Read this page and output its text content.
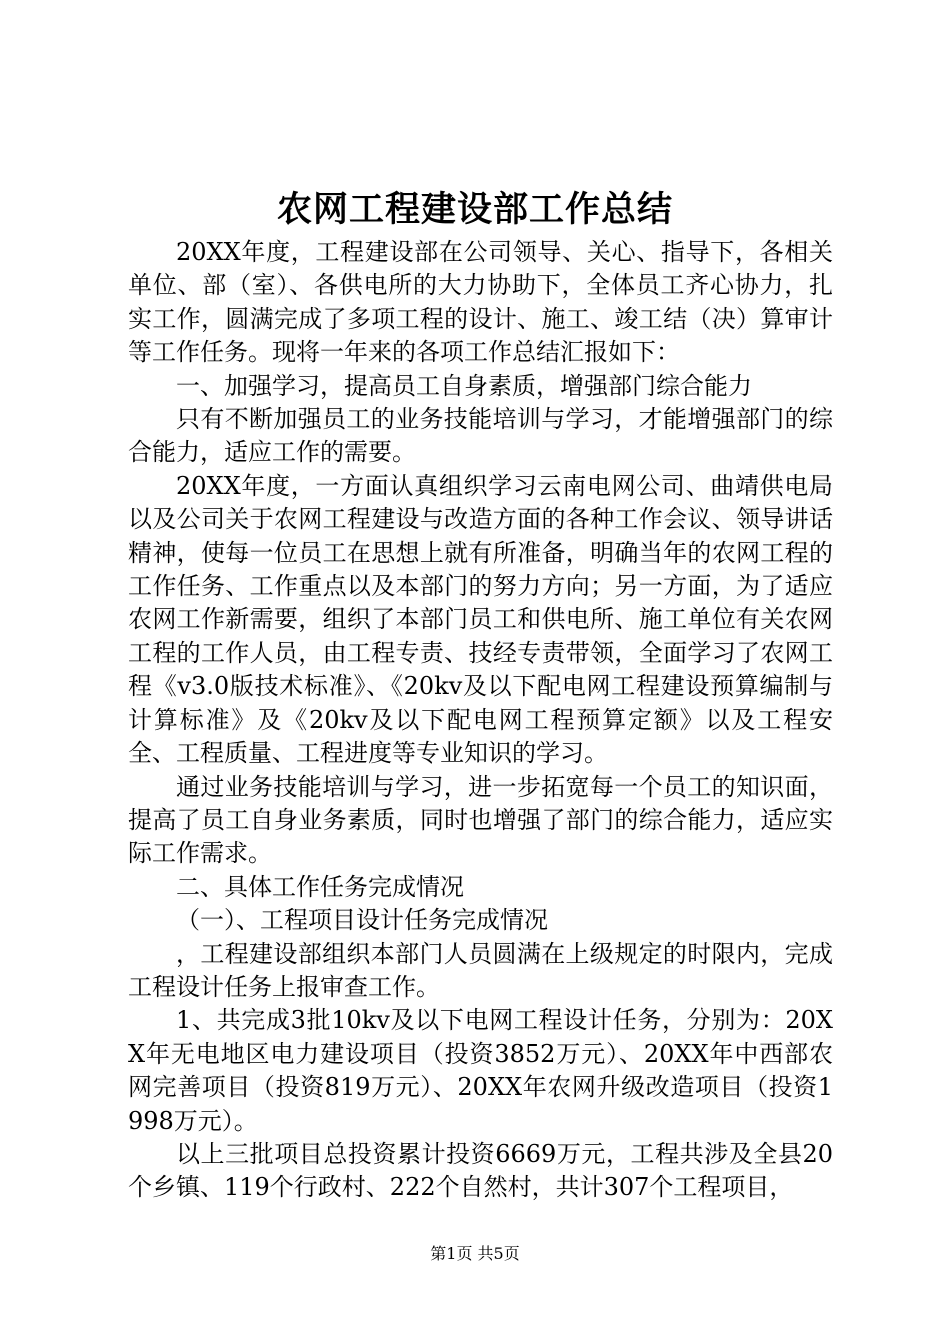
农网工程建设部工作总结

20XX年度，工程建设部在公司领导、关心、指导下，各相关单位、部（室）、各供电所的大力协助下，全体员工齐心协力，扎实工作，圆满完成了多项工程的设计、施工、竣工结（决）算审计等工作任务。现将一年来的各项工作总结汇报如下：

一、加强学习，提高员工自身素质，增强部门综合能力

只有不断加强员工的业务技能培训与学习，才能增强部门的综合能力，适应工作的需要。

20XX年度，一方面认真组织学习云南电网公司、曲靖供电局以及公司关于农网工程建设与改造方面的各种工作会议、领导讲话精神，使每一位员工在思想上就有所准备，明确当年的农网工程的工作任务、工作重点以及本部门的努力方向；另一方面，为了适应农网工作新需要，组织了本部门员工和供电所、施工单位有关农网工程的工作人员，由工程专责、技经专责带领，全面学习了农网工程《v3.0版技术标准》、《20kv及以下配电网工程建设预算编制与计算标准》及《20kv及以下配电网工程预算定额》以及工程安全、工程质量、工程进度等专业知识的学习。

通过业务技能培训与学习，进一步拓宽每一个员工的知识面，提高了员工自身业务素质，同时也增强了部门的综合能力，适应实际工作需求。

二、具体工作任务完成情况

（一）、工程项目设计任务完成情况

，工程建设部组织本部门人员圆满在上级规定的时限内，完成工程设计任务上报审查工作。

1、共完成3批10kv及以下电网工程设计任务，分别为：20XX年无电地区电力建设项目（投资3852万元）、20XX年中西部农网完善项目（投资819万元）、20XX年农网升级改造项目（投资1998万元）。

以上三批项目总投资累计投资6669万元，工程共涉及全县20个乡镇、119个行政村、222个自然村，共计307个工程项目，

第1页 共5页
